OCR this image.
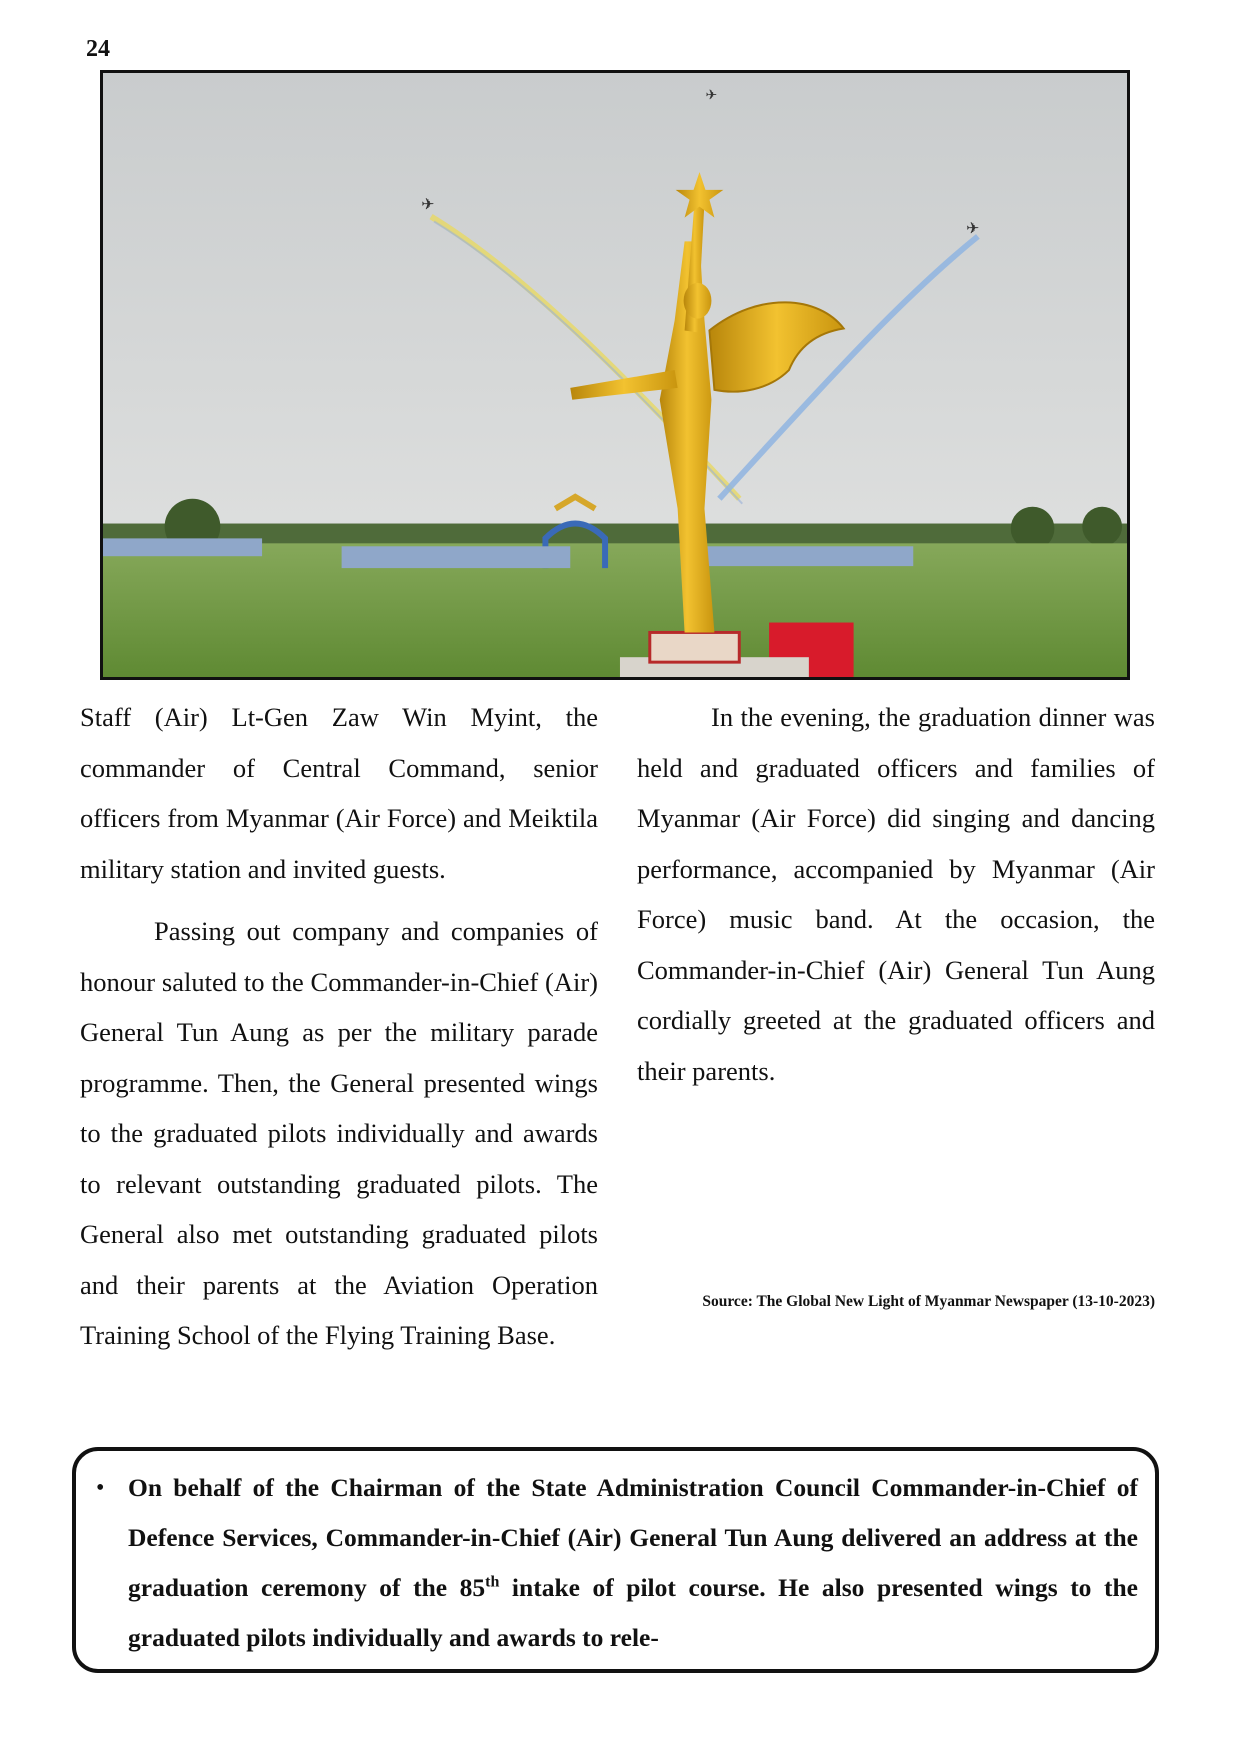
24
✈
✈
✈

Staff (Air) Lt-Gen Zaw Win Myint, the commander of Central Command, senior officers from Myanmar (Air Force) and Meiktila military station and invited guests.

Passing out company and companies of honour saluted to the Commander-in-Chief (Air) General Tun Aung as per the military parade programme. Then, the General presented wings to the graduated pilots individually and awards to relevant outstanding graduated pilots. The General also met outstanding graduated pilots and their parents at the Aviation Operation Training School of the Flying Training Base.

In the evening, the graduation dinner was held and graduated officers and families of Myanmar (Air Force) did singing and dancing performance, accompanied by Myanmar (Air Force) music band. At the occasion, the Commander-in-Chief (Air) General Tun Aung cordially greeted at the graduated officers and their parents.

Source: The Global New Light of Myanmar Newspaper (13-10-2023)
• On behalf of the Chairman of the State Administration Council Commander-in-Chief of Defence Services, Commander-in-Chief (Air) General Tun Aung delivered an address at the graduation ceremony of the 85th intake of pilot course. He also presented wings to the graduated pilots individually and awards to rele-
